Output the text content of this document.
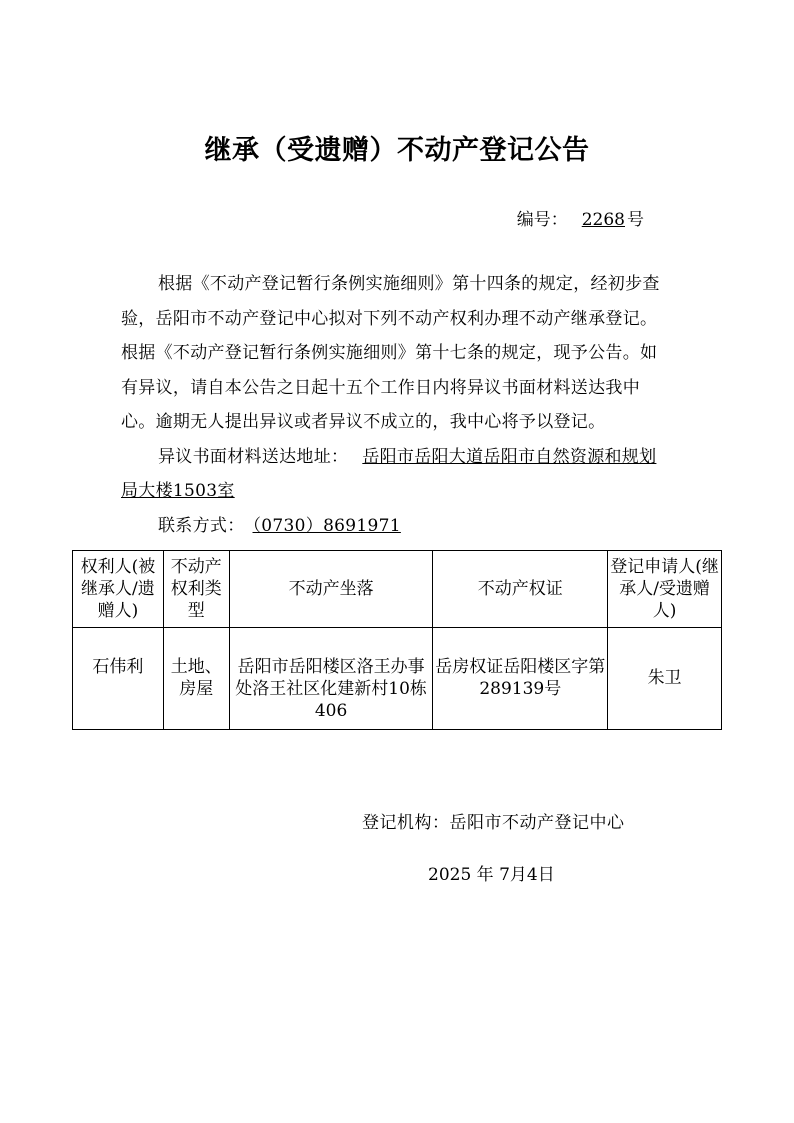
继承（受遗赠）不动产登记公告
编号： 2268 号

根据《不动产登记暂行条例实施细则》第十四条的规定，经初步查验，岳阳市不动产登记中心拟对下列不动产权利办理不动产继承登记。根据《不动产登记暂行条例实施细则》第十七条的规定，现予公告。如有异议，请自本公告之日起十五个工作日内将异议书面材料送达我中心。逾期无人提出异议或者异议不成立的，我中心将予以登记。

异议书面材料送达地址： 岳阳市岳阳大道岳阳市自然资源和规划局大楼1503室

联系方式： （0730）8691971

权利人(被继承人/遗赠人)	不动产权利类型	不动产坐落	不动产权证	登记申请人(继承人/受遗赠人)
石伟利	土地、房屋	岳阳市岳阳楼区洛王办事处洛王社区化建新村10栋406	岳房权证岳阳楼区字第289139号	朱卫
登记机构：岳阳市不动产登记中心
2025 年 7月4日
